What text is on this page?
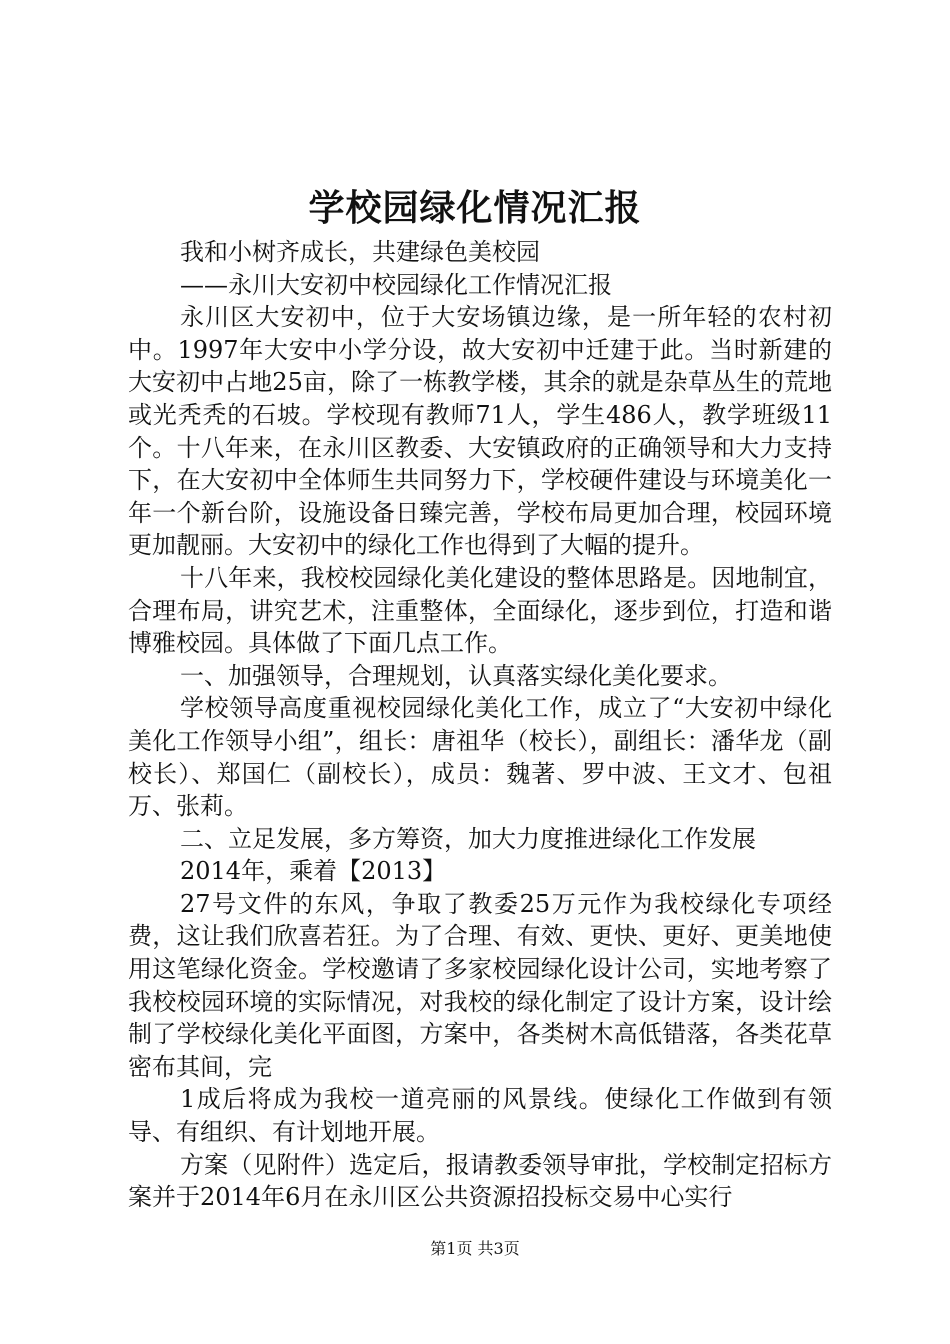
学校园绿化情况汇报

我和小树齐成长，共建绿色美校园

——永川大安初中校园绿化工作情况汇报

永川区大安初中，位于大安场镇边缘，是一所年轻的农村初中。1997年大安中小学分设，故大安初中迁建于此。当时新建的大安初中占地25亩，除了一栋教学楼，其余的就是杂草丛生的荒地或光秃秃的石坡。学校现有教师71人，学生486人，教学班级11个。十八年来，在永川区教委、大安镇政府的正确领导和大力支持下，在大安初中全体师生共同努力下，学校硬件建设与环境美化一年一个新台阶，设施设备日臻完善，学校布局更加合理，校园环境更加靓丽。大安初中的绿化工作也得到了大幅的提升。

十八年来，我校校园绿化美化建设的整体思路是。因地制宜，合理布局，讲究艺术，注重整体，全面绿化，逐步到位，打造和谐博雅校园。具体做了下面几点工作。

一、加强领导，合理规划，认真落实绿化美化要求。

学校领导高度重视校园绿化美化工作，成立了“大安初中绿化美化工作领导小组”，组长：唐祖华（校长），副组长：潘华龙（副校长）、郑国仁（副校长），成员：魏著、罗中波、王文才、包祖万、张莉。

二、立足发展，多方筹资，加大力度推进绿化工作发展

2014年，乘着【2013】

27号文件的东风，争取了教委25万元作为我校绿化专项经费，这让我们欣喜若狂。为了合理、有效、更快、更好、更美地使用这笔绿化资金。学校邀请了多家校园绿化设计公司，实地考察了我校校园环境的实际情况，对我校的绿化制定了设计方案，设计绘制了学校绿化美化平面图，方案中，各类树木高低错落，各类花草密布其间，完

1成后将成为我校一道亮丽的风景线。使绿化工作做到有领导、有组织、有计划地开展。

方案（见附件）选定后，报请教委领导审批，学校制定招标方案并于2014年6月在永川区公共资源招投标交易中心实行

第1页 共3页
